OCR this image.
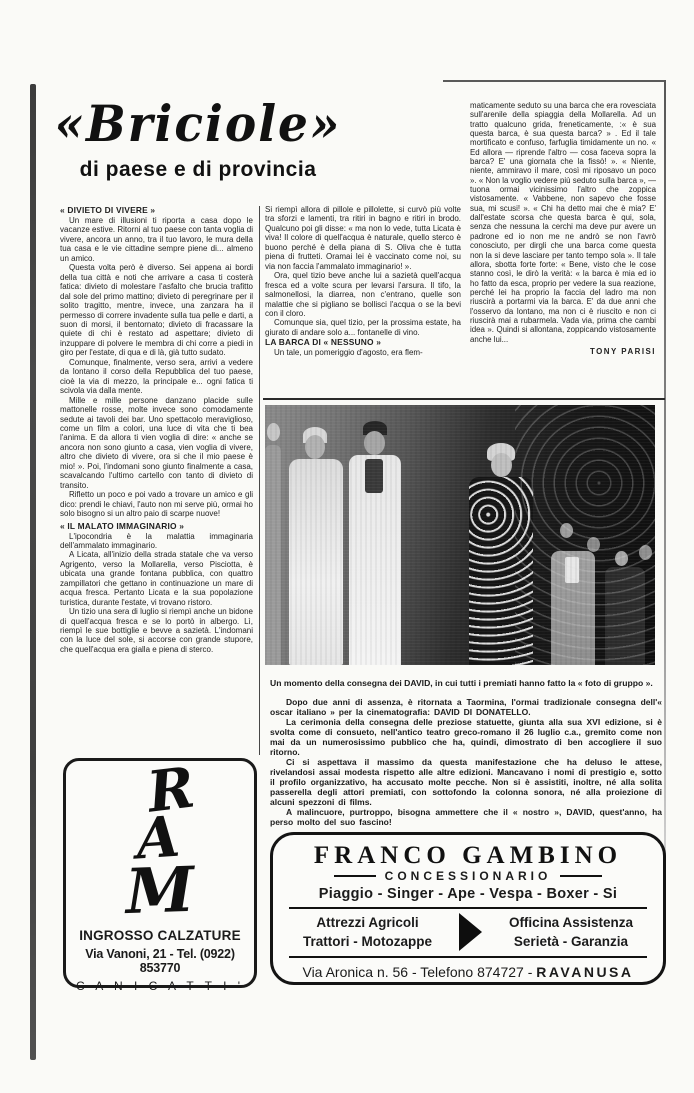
«Briciole»
di paese e di provincia
« DIVIETO DI VIVERE »

Un mare di illusioni ti riporta a casa dopo le vacanze estive. Ritorni al tuo paese con tanta voglia di vivere, ancora un anno, tra il tuo lavoro, le mura della tua casa e le vie cittadine sempre piene di... almeno un amico.

Questa volta però è diverso. Sei appena ai bordi della tua città e noti che arrivare a casa ti costerà fatica: divieto di molestare l'asfalto che brucia trafitto dal sole del primo mattino; divieto di peregrinare per il solito tragitto, mentre, invece, una zanzara ha il permesso di correre invadente sulla tua pelle e darti, a suon di morsi, il bentornato; divieto di fracassare la quiete di chi è restato ad aspettare; divieto di inzuppare di polvere le membra di chi corre a piedi in giro per l'estate, di qua e di là, già tutto sudato.

Comunque, finalmente, verso sera, arrivi a vedere da lontano il corso della Repubblica del tuo paese, cioè la via di mezzo, la principale e... ogni fatica ti scivola via dalla mente.

Mille e mille persone danzano placide sulle mattonelle rosse, molte invece sono comodamente sedute ai tavoli dei bar. Uno spettacolo meraviglioso, come un film a colori, una luce di vita che ti bea l'anima. E da allora ti vien voglia di dire: « anche se ancora non sono giunto a casa, vien voglia di vivere, altro che divieto di vivere, ora si che il mio paese è mio! ». Poi, l'indomani sono giunto finalmente a casa, scavalcando l'ultimo cartello con tanto di divieto di transito.

Rifletto un poco e poi vado a trovare un amico e gli dico: prendi le chiavi, l'auto non mi serve più, ormai ho solo bisogno si un altro paio di scarpe nuove!

« IL MALATO IMMAGINARIO »

L'ipocondria è la malattia immaginaria dell'ammalato immaginario.

A Licata, all'inizio della strada statale che va verso Agrigento, verso la Mollarella, verso Pisciotta, è ubicata una grande fontana pubblica, con quattro zampillatori che gettano in continuazione un mare di acqua fresca. Pertanto Licata e la sua popolazione turistica, durante l'estate, vi trovano ristoro.

Un tizio una sera di luglio si riempì anche un bidone di quell'acqua fresca e se lo portò in albergo. Lì, riempì le sue bottiglie e bevve a sazietà. L'indomani con la luce del sole, si accorse con grande stupore, che quell'acqua era gialla e piena di sterco.

Si riempì allora di pillole e pillolette, si curvò più volte tra sforzi e lamenti, tra ritiri in bagno e ritiri in brodo. Qualcuno poi gli disse: « ma non lo vede, tutta Licata è viva! Il colore di quell'acqua è naturale, quello sterco è buono perché è della piana di S. Oliva che è tutta piena di frutteti. Oramai lei è vaccinato come noi, su via non faccia l'ammalato immaginario! ».

Ora, quel tizio beve anche lui a sazietà quell'acqua fresca ed a volte scura per levarsi l'arsura. Il tifo, la salmonellosi, la diarrea, non c'entrano, quelle son malattie che si pigliano se bollisci l'acqua o se la bevi con il cloro.

Comunque sia, quel tizio, per la prossima estate, ha giurato di andare solo a... fontanelle di vino.

LA BARCA DI « NESSUNO »

Un tale, un pomeriggio d'agosto, era flem-

maticamente seduto su una barca che era rovesciata sull'arenile della spiaggia della Mollarella. Ad un tratto qualcuno grida, freneticamente, :« è sua questa barca, è sua questa barca? » . Ed il tale mortificato e confuso, farfuglia timidamente un no. « Ed allora — riprende l'altro — cosa faceva sopra la barca? E' una giornata che la fissò! ». « Niente, niente, ammiravo il mare, così mi riposavo un poco ». « Non la voglio vedere più seduto sulla barca », — tuona ormai vicinissimo l'altro che zoppica vistosamente. « Vabbene, non sapevo che fosse sua, mi scusi! ». « Chi ha detto mai che è mia? E' dall'estate scorsa che questa barca è qui, sola, senza che nessuna la cerchi ma deve pur avere un padrone ed io non me ne andrò se non l'avrò conosciuto, per dirgli che una barca come questa non la si deve lasciare per tanto tempo sola ». Il tale allora, sbotta forte forte: « Bene, visto che le cose stanno così, le dirò la verità: « la barca è mia ed io ho fatto da esca, proprio per vedere la sua reazione, perché lei ha proprio la faccia del ladro ma non riuscirà a portarmi via la barca. E' da due anni che l'osservo da lontano, ma non ci è riuscito e non ci riuscirà mai a rubarmela. Vada via, prima che cambi idea ». Quindi si allontana, zoppicando vistosamente anche lui...

TONY PARISI

Un momento della consegna dei DAVID, in cui tutti i premiati hanno fatto la « foto di gruppo ».

Dopo due anni di assenza, è ritornata a Taormina, l'ormai tradizionale consegna dell'« oscar italiano » per la cinematografia: DAVID DI DONATELLO.

La cerimonia della consegna delle preziose statuette, giunta alla sua XVI edizione, si è svolta come di consueto, nell'antico teatro greco-romano il 26 luglio c.a., gremito come non mai da un numerosissimo pubblico che ha, quindi, dimostrato di ben accogliere il suo ritorno.

Ci si aspettava il massimo da questa manifestazione che ha deluso le attese, rivelandosi assai modesta rispetto alle altre edizioni. Mancavano i nomi di prestigio e, sotto il profilo organizzativo, ha accusato molte pecche. Non si è assistiti, inoltre, né alla solita passerella degli attori premiati, con sottofondo la colonna sonora, né alla proiezione di alcuni spezzoni di films.

A malincuore, purtroppo, bisogna ammettere che il « nostro », DAVID, quest'anno, ha perso molto del suo fascino!

R
A
M
INGROSSO CALZATURE
Via Vanoni, 21 - Tel. (0922) 853770
C A N I C A T T I '
FRANCO GAMBINO
CONCESSIONARIO
Piaggio - Singer - Ape - Vespa - Boxer - Si
Attrezzi Agricoli
Trattori - Motozappe
Officina Assistenza
Serietà - Garanzia
Via Aronica n. 56 - Telefono 874727 - RAVANUSA
